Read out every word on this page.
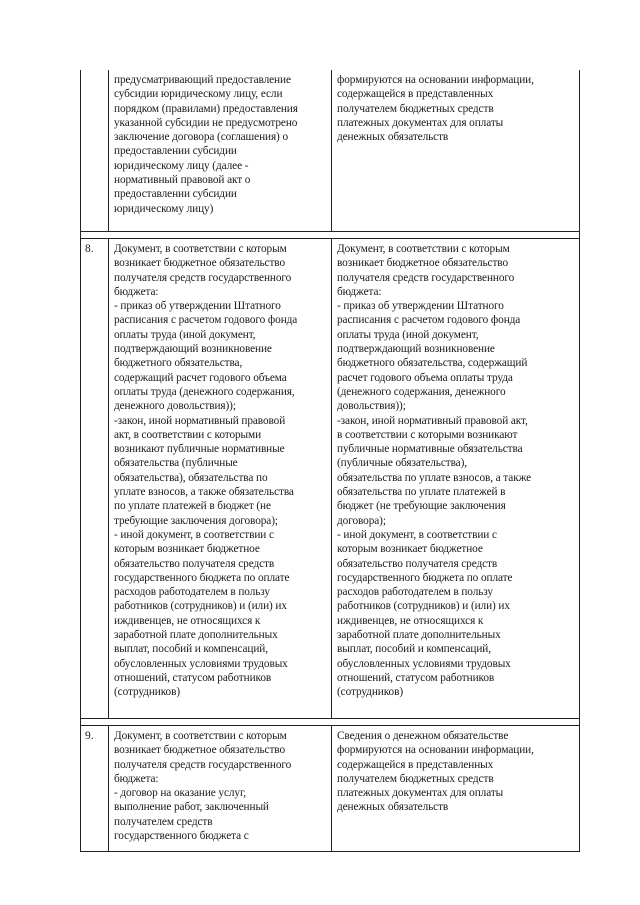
предусматривающий предоставление
субсидии юридическому лицу, если
порядком (правилами) предоставления
указанной субсидии не предусмотрено
заключение договора (соглашения) о
предоставлении субсидии
юридическому лицу (далее -
нормативный правовой акт о
предоставлении субсидии
юридическому лицу)
формируются на основании информации,
содержащейся в представленных
получателем бюджетных средств
платежных документах для оплаты
денежных обязательств
8.	Документ, в соответствии с которым
возникает бюджетное обязательство
получателя средств государственного
бюджета:
- приказ об утверждении Штатного
расписания с расчетом годового фонда
оплаты труда (иной документ,
подтверждающий возникновение
бюджетного обязательства,
содержащий расчет годового объема
оплаты труда (денежного содержания,
денежного довольствия));
-закон, иной нормативный правовой
акт, в соответствии с которыми
возникают публичные нормативные
обязательства (публичные
обязательства), обязательства по
уплате взносов, а также обязательства
по уплате платежей в бюджет (не
требующие заключения договора);
- иной документ, в соответствии с
которым возникает бюджетное
обязательство получателя средств
государственного бюджета по оплате
расходов работодателем в пользу
работников (сотрудников) и (или) их
иждивенцев, не относящихся к
заработной плате дополнительных
выплат, пособий и компенсаций,
обусловленных условиями трудовых
отношений, статусом работников
(сотрудников)
Документ, в соответствии с которым
возникает бюджетное обязательство
получателя средств государственного
бюджета:
- приказ об утверждении Штатного
расписания с расчетом годового фонда
оплаты труда (иной документ,
подтверждающий возникновение
бюджетного обязательства, содержащий
расчет годового объема оплаты труда
(денежного содержания, денежного
довольствия));
-закон, иной нормативный правовой акт,
в соответствии с которыми возникают
публичные нормативные обязательства
(публичные обязательства),
обязательства по уплате взносов, а также
обязательства по уплате платежей в
бюджет (не требующие заключения
договора);
- иной документ, в соответствии с
которым возникает бюджетное
обязательство получателя средств
государственного бюджета по оплате
расходов работодателем в пользу
работников (сотрудников) и (или) их
иждивенцев, не относящихся к
заработной плате дополнительных
выплат, пособий и компенсаций,
обусловленных условиями трудовых
отношений, статусом работников
(сотрудников)
9.	Документ, в соответствии с которым
возникает бюджетное обязательство
получателя средств государственного
бюджета:
- договор на оказание услуг,
выполнение работ, заключенный
получателем средств
государственного бюджета с
Сведения о денежном обязательстве
формируются на основании информации,
содержащейся в представленных
получателем бюджетных средств
платежных документах для оплаты
денежных обязательств
